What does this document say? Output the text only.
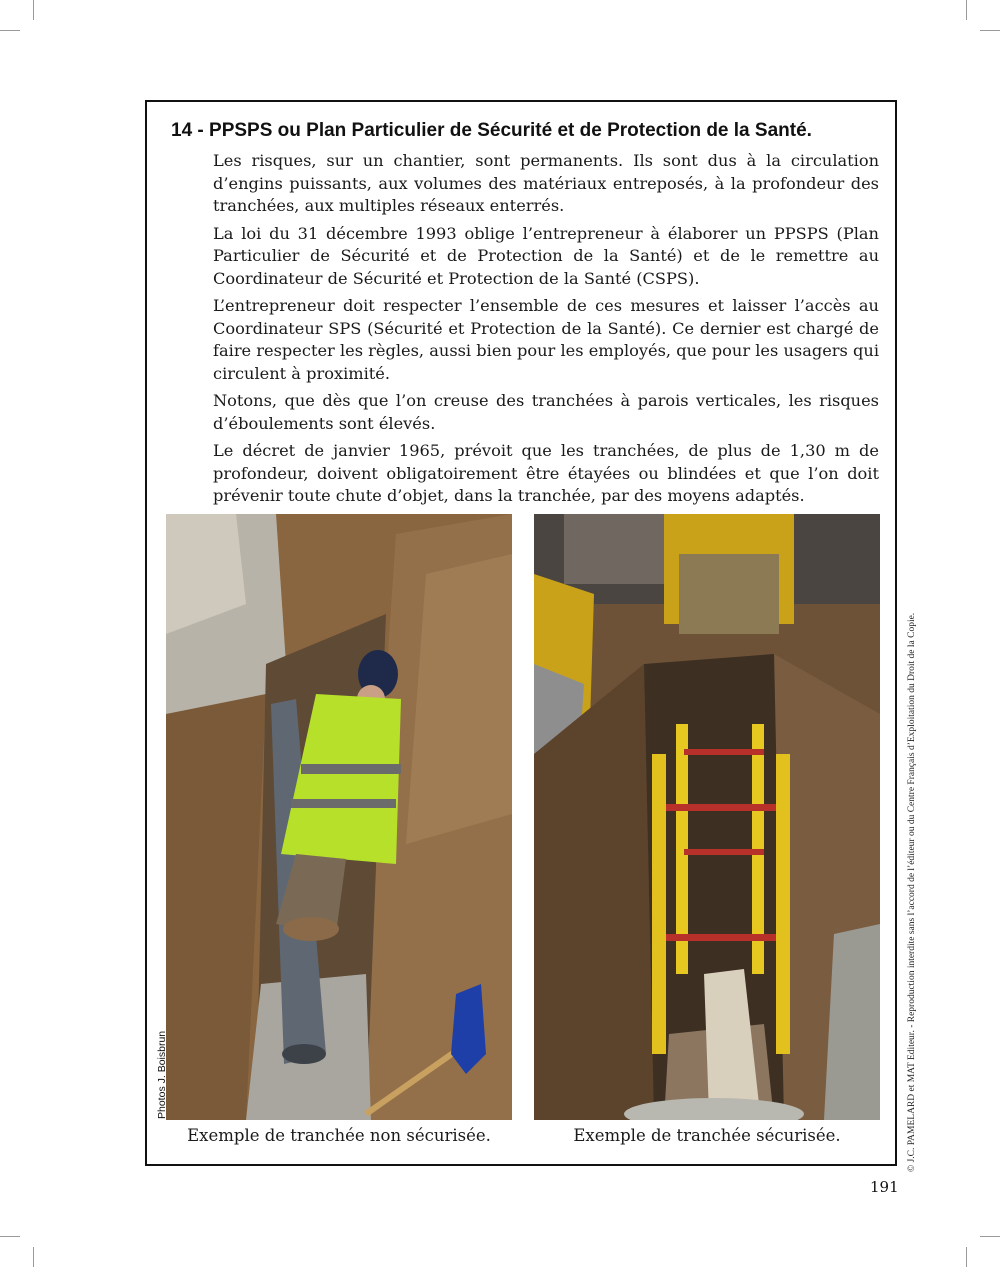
14 - PPSPS ou Plan Particulier de Sécurité et de Protection de la Santé.

Les risques, sur un chantier, sont permanents. Ils sont dus à la circulation d’engins puissants, aux volumes des matériaux entreposés, à la profondeur des tranchées, aux multiples réseaux enterrés.

La loi du 31 décembre 1993 oblige l’entrepreneur à élaborer un PPSPS (Plan Particulier de Sécurité et de Protection de la Santé) et de le remettre au Coordinateur de Sécurité et Protection de la Santé (CSPS).

L’entrepreneur doit respecter l’ensemble de ces mesures et laisser l’accès au Coordinateur SPS (Sécurité et Protection de la Santé). Ce dernier est chargé de faire respecter les règles, aussi bien pour les employés, que pour les usagers qui circulent à proximité.

Notons, que dès que l’on creuse des tranchées à parois verticales, les risques d’éboulements sont élevés.

Le décret de janvier 1965, prévoit que les tranchées, de plus de 1,30 m de profondeur, doivent obligatoirement être étayées ou blindées et que l’on doit prévenir toute chute d’objet, dans la tranchée, par des moyens adaptés.

Exemple de tranchée non sécurisée.	Exemple de tranchée sécurisée.
Photos J. Boisbrun	© J.C. PAMELARD et MAT Editeur. - Reproduction interdite sans l’accord de l’éditeur ou du Centre Français d’Exploitation du Droit de la Copie.
191
